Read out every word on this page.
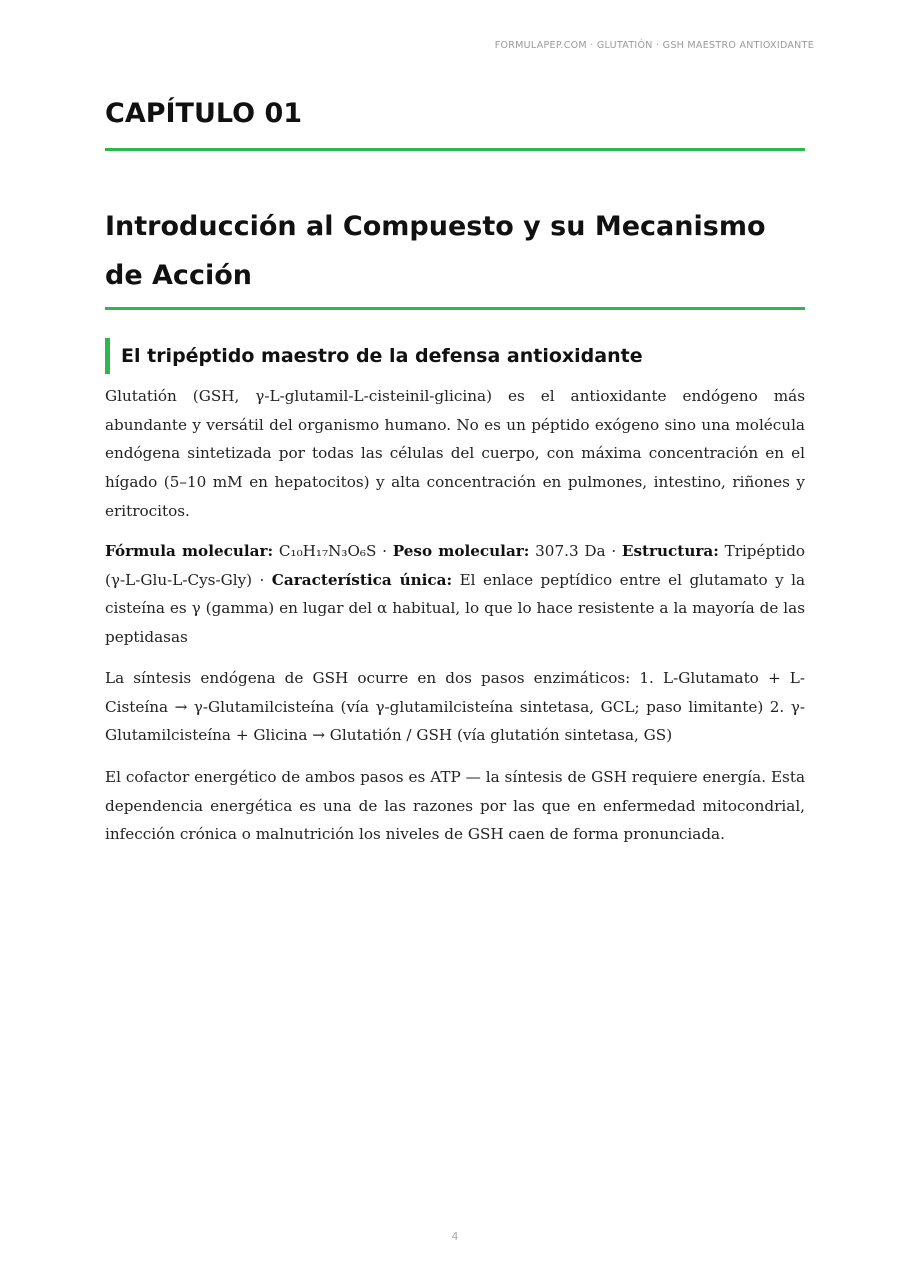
FORMULAPEP.COM · GLUTATIÓN · GSH MAESTRO ANTIOXIDANTE
CAPÍTULO 01
Introducción al Compuesto y su Mecanismo de Acción
El tripéptido maestro de la defensa antioxidante

Glutatión (GSH, γ-L-glutamil-L-cisteinil-glicina) es el antioxidante endógeno más abundante y versátil del organismo humano. No es un péptido exógeno sino una molécula endógena sintetizada por todas las células del cuerpo, con máxima concentración en el hígado (5–10 mM en hepatocitos) y alta concentración en pulmones, intestino, riñones y eritrocitos.

Fórmula molecular: C₁₀H₁₇N₃O₆S · Peso molecular: 307.3 Da · Estructura: Tripéptido (γ-L-Glu-L-Cys-Gly) · Característica única: El enlace peptídico entre el glutamato y la cisteína es γ (gamma) en lugar del α habitual, lo que lo hace resistente a la mayoría de las peptidasas

La síntesis endógena de GSH ocurre en dos pasos enzimáticos: 1. L-Glutamato + L-Cisteína → γ-Glutamilcisteína (vía γ-glutamilcisteína sintetasa, GCL; paso limitante) 2. γ-Glutamilcisteína + Glicina → Glutatión / GSH (vía glutatión sintetasa, GS)

El cofactor energético de ambos pasos es ATP — la síntesis de GSH requiere energía. Esta dependencia energética es una de las razones por las que en enfermedad mitocondrial, infección crónica o malnutrición los niveles de GSH caen de forma pronunciada.

4
